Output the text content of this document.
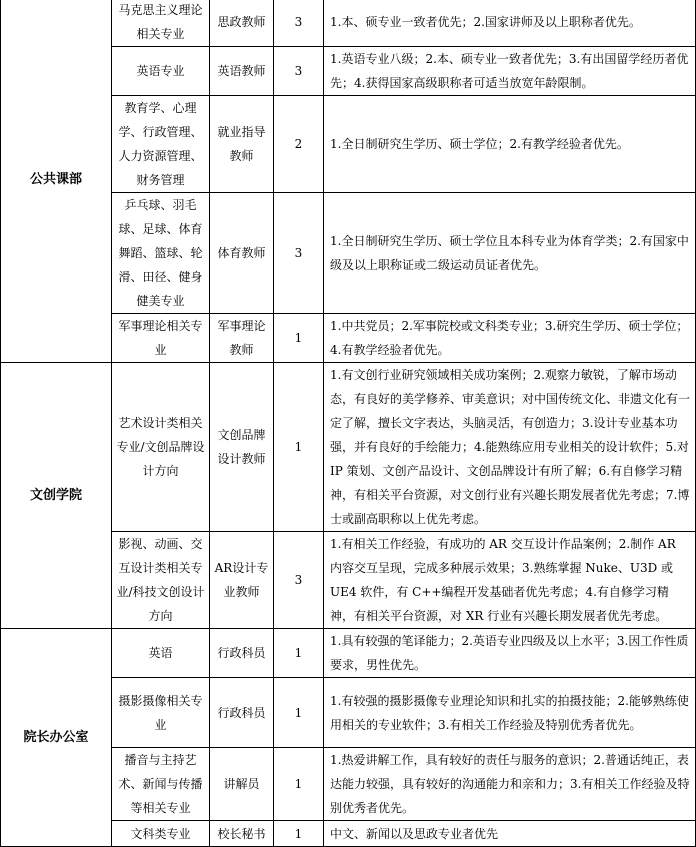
公共课部	马克思主义理论相关专业	思政教师	3	1.本、硕专业一致者优先；2.国家讲师及以上职称者优先。
	英语专业	英语教师	3	1.英语专业八级；2.本、硕专业一致者优先；3.有出国留学经历者优先；4.获得国家高级职称者可适当放宽年龄限制。
	教育学、心理学、行政管理、人力资源管理、财务管理	就业指导教师	2	1.全日制研究生学历、硕士学位；2.有教学经验者优先。
	乒乓球、羽毛球、足球、体育舞蹈、篮球、轮滑、田径、健身健美专业	体育教师	3	1.全日制研究生学历、硕士学位且本科专业为体育学类；2.有国家中级及以上职称证或二级运动员证者优先。
	军事理论相关专业	军事理论教师	1	1.中共党员；2.军事院校或文科类专业；3.研究生学历、硕士学位；4.有教学经验者优先。
文创学院	艺术设计类相关专业/文创品牌设计方向	文创品牌设计教师	1	1.有文创行业研究领域相关成功案例；2.观察力敏锐，了解市场动态，有良好的美学修养、审美意识；对中国传统文化、非遗文化有一定了解，擅长文字表达，头脑灵活，有创造力；3.设计专业基本功强，并有良好的手绘能力；4.能熟练应用专业相关的设计软件；5.对 IP 策划、文创产品设计、文创品牌设计有所了解；6.有自修学习精神，有相关平台资源，对文创行业有兴趣长期发展者优先考虑；7.博士或副高职称以上优先考虑。
	影视、动画、交互设计类相关专业/科技文创设计方向	AR设计专业教师	3	1.有相关工作经验，有成功的 AR 交互设计作品案例；2.制作 AR 内容交互呈现，完成多种展示效果；3.熟练掌握 Nuke、U3D 或 UE4 软件，有 C++编程开发基础者优先考虑；4.有自修学习精神，有相关平台资源，对 XR 行业有兴趣长期发展者优先考虑。
院长办公室	英语	行政科员	1	1.具有较强的笔译能力；2.英语专业四级及以上水平；3.因工作性质要求，男性优先。
	摄影摄像相关专业	行政科员	1	1.有较强的摄影摄像专业理论知识和扎实的拍摄技能；2.能够熟练使用相关的专业软件；3.有相关工作经验及特别优秀者优先。
	播音与主持艺术、新闻与传播等相关专业	讲解员	1	1.热爱讲解工作，具有较好的责任与服务的意识；2.普通话纯正，表达能力较强，具有较好的沟通能力和亲和力；3.有相关工作经验及特别优秀者优先。
	文科类专业	校长秘书	1	中文、新闻以及思政专业者优先
